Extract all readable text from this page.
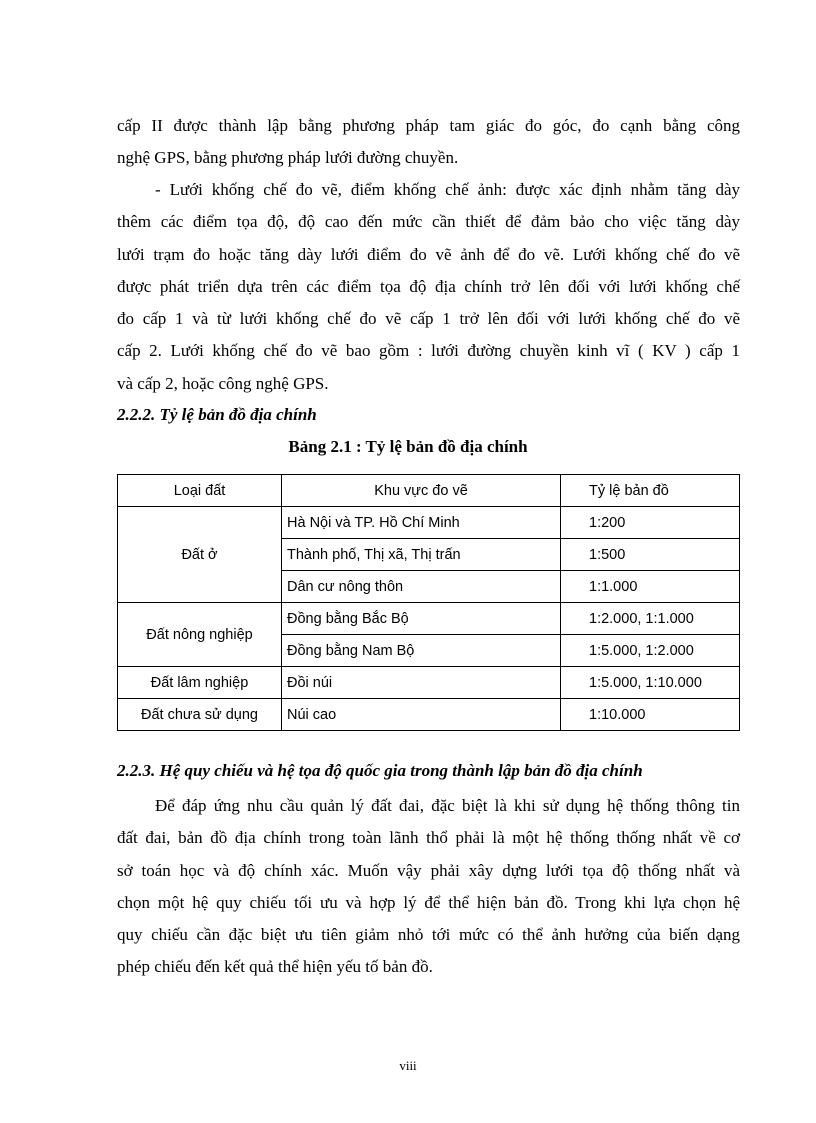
cấp II được thành lập bằng phương pháp tam giác đo góc, đo cạnh bằng công
nghệ GPS, bằng phương pháp lưới đường chuyền.
- Lưới khống chế đo vẽ, điểm khống chế ảnh: được xác định nhằm tăng dày
thêm các điểm tọa độ, độ cao đến mức cần thiết để đảm bảo cho việc tăng dày
lưới trạm đo hoặc tăng dày lưới điểm đo vẽ ảnh để đo vẽ. Lưới khống chế đo vẽ
được phát triển dựa trên các điểm tọa độ địa chính trở lên đối với lưới khống chế
đo cấp 1 và từ lưới khống chế đo vẽ cấp 1 trở lên đối với lưới khống chế đo vẽ
cấp 2. Lưới khống chế đo vẽ bao gồm : lưới đường chuyền kinh vĩ ( KV ) cấp 1
và cấp 2, hoặc công nghệ GPS.

2.2.2. Tỷ lệ bản đồ địa chính

Bảng 2.1 : Tỷ lệ bản đồ địa chính

Loại đất	Khu vực đo vẽ	Tỷ lệ bản đồ
Đất ở	Hà Nội và TP. Hồ Chí Minh	1:200
	Thành phố, Thị xã, Thị trấn	1:500
	Dân cư nông thôn	1:1.000
Đất nông nghiệp	Đồng bằng Bắc Bộ	1:2.000, 1:1.000
	Đồng bằng Nam Bộ	1:5.000, 1:2.000
Đất lâm nghiệp	Đồi núi	1:5.000, 1:10.000
Đất chưa sử dụng	Núi cao	1:10.000

2.2.3. Hệ quy chiếu và hệ tọa độ quốc gia trong thành lập bản đồ địa chính

Để đáp ứng nhu cầu quản lý đất đai, đặc biệt là khi sử dụng hệ thống thông tin
đất đai, bản đồ địa chính trong toàn lãnh thổ phải là một hệ thống thống nhất về cơ
sở toán học và độ chính xác. Muốn vậy phải xây dựng lưới tọa độ thống nhất và
chọn một hệ quy chiếu tối ưu và hợp lý để thể hiện bản đồ. Trong khi lựa chọn hệ
quy chiếu cần đặc biệt ưu tiên giảm nhỏ tới mức có thể ảnh hưởng của biến dạng
phép chiếu đến kết quả thể hiện yếu tố bản đồ.

viii
